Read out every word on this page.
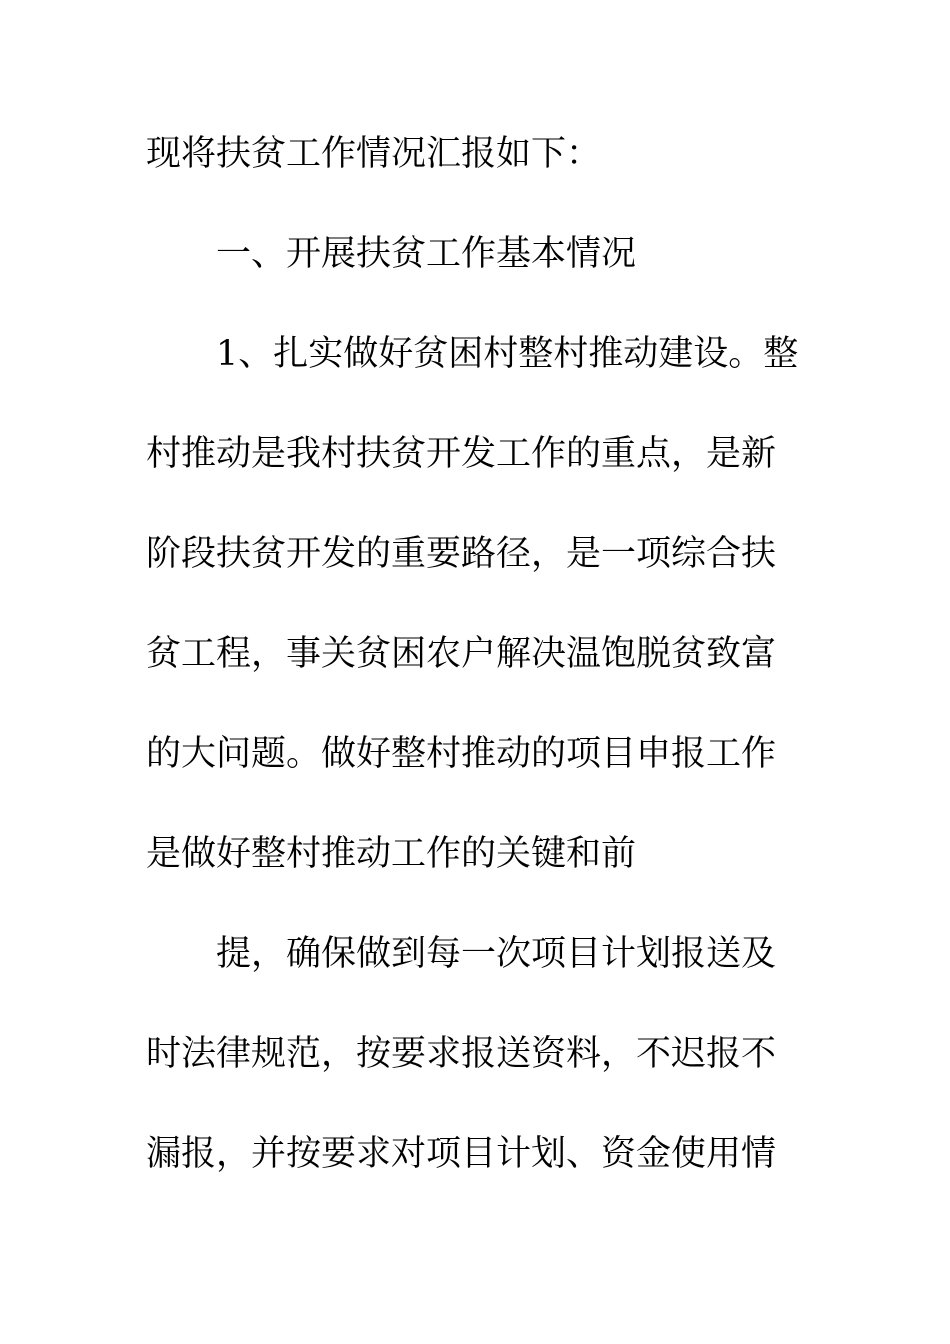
现将扶贫工作情况汇报如下：
一、开展扶贫工作基本情况
1、扎实做好贫困村整村推动建设。整
村推动是我村扶贫开发工作的重点，是新
阶段扶贫开发的重要路径，是一项综合扶
贫工程，事关贫困农户解决温饱脱贫致富
的大问题。做好整村推动的项目申报工作
是做好整村推动工作的关键和前
提，确保做到每一次项目计划报送及
时法律规范，按要求报送资料，不迟报不
漏报，并按要求对项目计划、资金使用情
